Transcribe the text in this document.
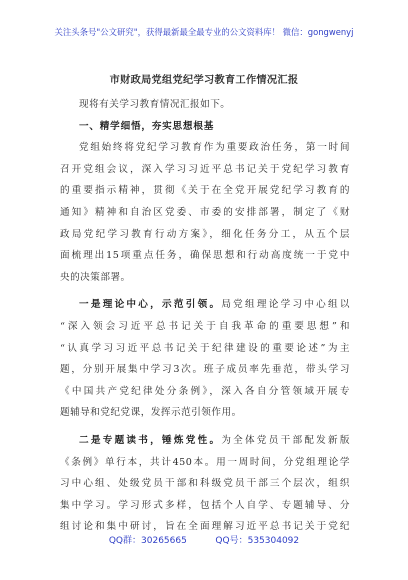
关注头条号"公文研究"，获得最新最全最专业的公文资料库！ 微信：gongwenyj
市财政局党组党纪学习教育工作情况汇报
现将有关学习教育情况汇报如下。
一、精学细悟，夯实思想根基
党组始终将党纪学习教育作为重要政治任务，第一时间
召开党组会议，深入学习习近平总书记关于党纪学习教育
的重要指示精神，贯彻《关于在全党开展党纪学习教育的
通知》精神和自治区党委、市委的安排部署，制定了《财
政局党纪学习教育行动方案》，细化任务分工，从五个层
面梳理出15项重点任务，确保思想和行动高度统一于党中
央的决策部署。
一是理论中心，示范引领。局党组理论学习中心组以
“深入领会习近平总书记关于自我革命的重要思想”和
“认真学习习近平总书记关于纪律建设的重要论述”为主
题，分别开展集中学习3次。班子成员率先垂范，带头学习
《中国共产党纪律处分条例》，深入各自分管领域开展专
题辅导和党纪党课，发挥示范引领作用。
二是专题读书，锤炼党性。为全体党员干部配发新版
《条例》单行本，共计450本。用一周时间，分党组理论学
习中心组、处级党员干部和科级党员干部三个层次，组织
集中学习。学习形式多样，包括个人自学、专题辅导、分
组讨论和集中研讨，旨在全面理解习近平总书记关于党纪
QQ群：30265665          QQ号：535304092
